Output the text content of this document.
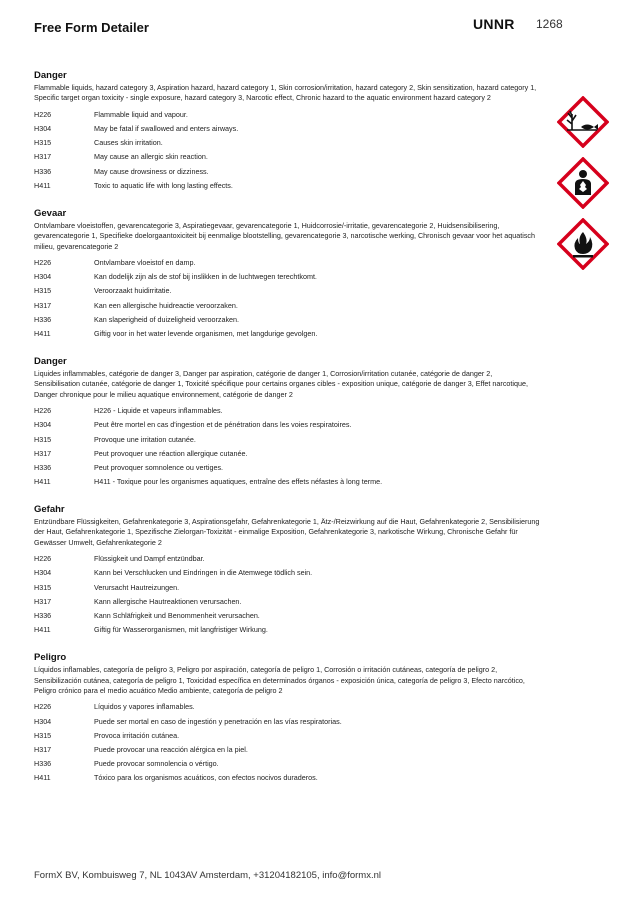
Free Form Detailer	UNNR 1268
Danger
Flammable liquids, hazard category 3, Aspiration hazard, hazard category 1, Skin corrosion/irritation, hazard category 2, Skin sensitization, hazard category 1, Specific target organ toxicity - single exposure, hazard category 3, Narcotic effect, Chronic hazard to the aquatic environment hazard category 2
H226	Flammable liquid and vapour.
H304	May be fatal if swallowed and enters airways.
H315	Causes skin irritation.
H317	May cause an allergic skin reaction.
H336	May cause drowsiness or dizziness.
H411	Toxic to aquatic life with long lasting effects.
Gevaar
Ontvlambare vloeistoffen, gevarencategorie 3, Aspiratiegevaar, gevarencategorie 1, Huidcorrosie/-irritatie, gevarencategorie 2, Huidsensibilisering, gevarencategorie 1, Specifieke doelorgaantoxiciteit bij eenmalige blootstelling, gevarencategorie 3, narcotische werking, Chronisch gevaar voor het aquatisch milieu, gevarencategorie 2
H226	Ontvlambare vloeistof en damp.
H304	Kan dodelijk zijn als de stof bij inslikken in de luchtwegen terechtkomt.
H315	Veroorzaakt huidirritatie.
H317	Kan een allergische huidreactie veroorzaken.
H336	Kan slaperigheid of duizeligheid veroorzaken.
H411	Giftig voor in het water levende organismen, met langdurige gevolgen.
Danger
Liquides inflammables, catégorie de danger 3, Danger par aspiration, catégorie de danger 1, Corrosion/irritation cutanée, catégorie de danger 2, Sensibilisation cutanée, catégorie de danger 1, Toxicité spécifique pour certains organes cibles - exposition unique, catégorie de danger 3, Effet narcotique, Danger chronique pour le milieu aquatique environnement, catégorie de danger 2
H226	H226 - Liquide et vapeurs inflammables.
H304	Peut être mortel en cas d'ingestion et de pénétration dans les voies respiratoires.
H315	Provoque une irritation cutanée.
H317	Peut provoquer une réaction allergique cutanée.
H336	Peut provoquer somnolence ou vertiges.
H411	H411 - Toxique pour les organismes aquatiques, entraîne des effets néfastes à long terme.
Gefahr
Entzündbare Flüssigkeiten, Gefahrenkategorie 3, Aspirationsgefahr, Gefahrenkategorie 1, Ätz-/Reizwirkung auf die Haut, Gefahrenkategorie 2, Sensibilisierung der Haut, Gefahrenkategorie 1, Spezifische Zielorgan-Toxizität - einmalige Exposition, Gefahrenkategorie 3, narkotische Wirkung, Chronische Gefahr für Gewässer Umwelt, Gefahrenkategorie 2
H226	Flüssigkeit und Dampf entzündbar.
H304	Kann bei Verschlucken und Eindringen in die Atemwege tödlich sein.
H315	Verursacht Hautreizungen.
H317	Kann allergische Hautreaktionen verursachen.
H336	Kann Schläfrigkeit und Benommenheit verursachen.
H411	Giftig für Wasserorganismen, mit langfristiger Wirkung.
Peligro
Líquidos inflamables, categoría de peligro 3, Peligro por aspiración, categoría de peligro 1, Corrosión o irritación cutáneas, categoría de peligro 2, Sensibilización cutánea, categoría de peligro 1, Toxicidad específica en determinados órganos - exposición única, categoría de peligro 3, Efecto narcótico, Peligro crónico para el medio acuático Medio ambiente, categoría de peligro 2
H226	Líquidos y vapores inflamables.
H304	Puede ser mortal en caso de ingestión y penetración en las vías respiratorias.
H315	Provoca irritación cutánea.
H317	Puede provocar una reacción alérgica en la piel.
H336	Puede provocar somnolencia o vértigo.
H411	Tóxico para los organismos acuáticos, con efectos nocivos duraderos.

FormX BV, Kombuisweg 7, NL 1043AV Amsterdam, +31204182105, info@formx.nl
